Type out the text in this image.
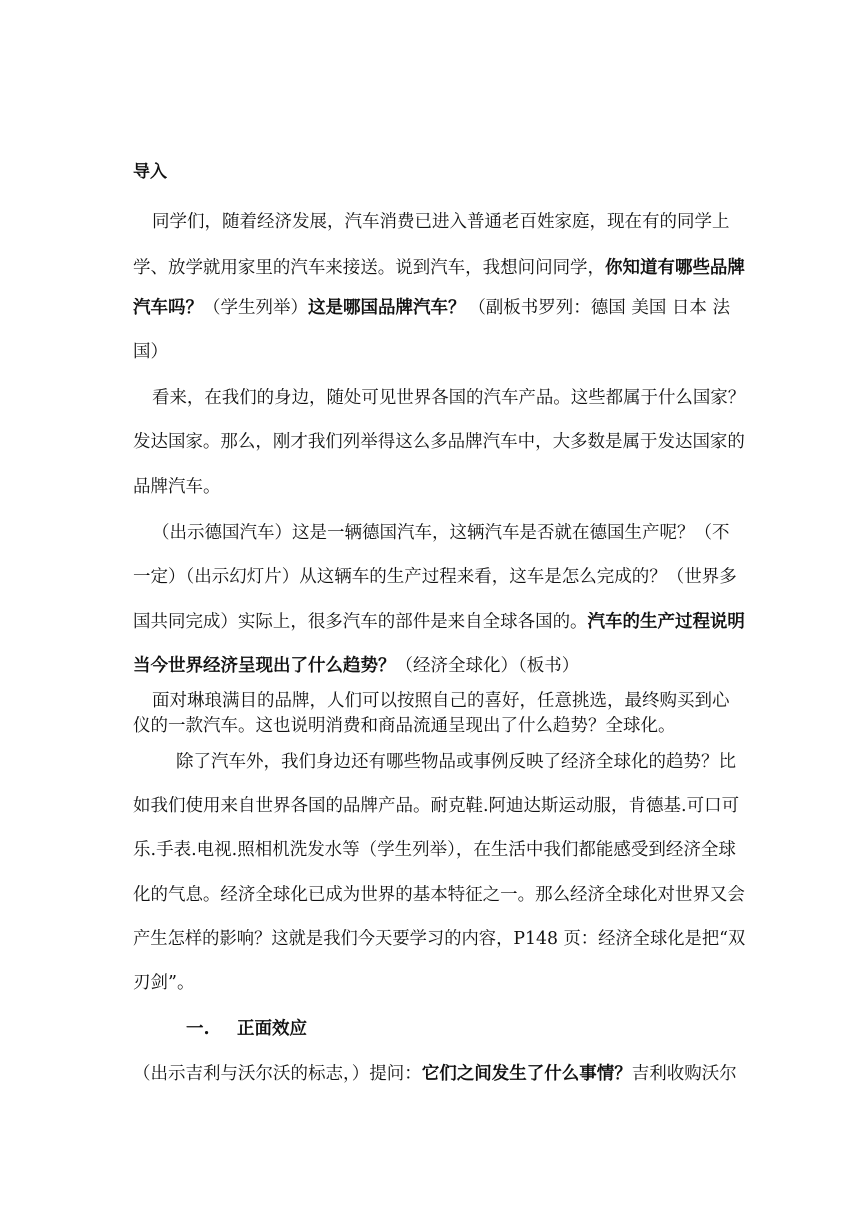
导入
同学们，随着经济发展，汽车消费已进入普通老百姓家庭，现在有的同学上
学、放学就用家里的汽车来接送。说到汽车，我想问问同学，你知道有哪些品牌
汽车吗？（学生列举）这是哪国品牌汽车？ （副板书罗列：德国 美国 日本 法
国）
看来，在我们的身边，随处可见世界各国的汽车产品。这些都属于什么国家？
发达国家。那么，刚才我们列举得这么多品牌汽车中，大多数是属于发达国家的
品牌汽车。
（出示德国汽车）这是一辆德国汽车，这辆汽车是否就在德国生产呢？（不
一定）（出示幻灯片）从这辆车的生产过程来看，这车是怎么完成的？（世界多
国共同完成）实际上，很多汽车的部件是来自全球各国的。汽车的生产过程说明
当今世界经济呈现出了什么趋势？（经济全球化）（板书）
面对琳琅满目的品牌，人们可以按照自己的喜好，任意挑选，最终购买到心
仪的一款汽车。这也说明消费和商品流通呈现出了什么趋势？全球化。
除了汽车外，我们身边还有哪些物品或事例反映了经济全球化的趋势？比
如我们使用来自世界各国的品牌产品。耐克鞋.阿迪达斯运动服，肯德基.可口可
乐.手表.电视.照相机洗发水等（学生列举），在生活中我们都能感受到经济全球
化的气息。经济全球化已成为世界的基本特征之一。那么经济全球化对世界又会
产生怎样的影响？这就是我们今天要学习的内容，P148 页：经济全球化是把“双
刃剑”。
一. 正面效应
（出示吉利与沃尔沃的标志，）提问：它们之间发生了什么事情？吉利收购沃尔
